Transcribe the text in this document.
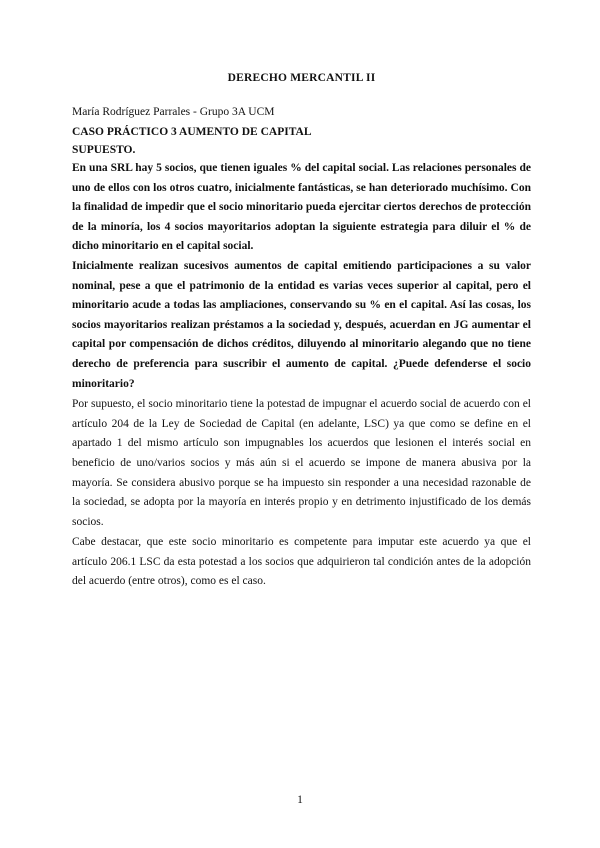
DERECHO MERCANTIL II

María Rodríguez Parrales - Grupo 3A UCM

CASO PRÁCTICO 3 AUMENTO DE CAPITAL

SUPUESTO.

En una SRL hay 5 socios, que tienen iguales % del capital social. Las relaciones personales de uno de ellos con los otros cuatro, inicialmente fantásticas, se han deteriorado muchísimo. Con la finalidad de impedir que el socio minoritario pueda ejercitar ciertos derechos de protección de la minoría, los 4 socios mayoritarios adoptan la siguiente estrategia para diluir el % de dicho minoritario en el capital social.

Inicialmente realizan sucesivos aumentos de capital emitiendo participaciones a su valor nominal, pese a que el patrimonio de la entidad es varias veces superior al capital, pero el minoritario acude a todas las ampliaciones, conservando su % en el capital. Así las cosas, los socios mayoritarios realizan préstamos a la sociedad y, después, acuerdan en JG aumentar el capital por compensación de dichos créditos, diluyendo al minoritario alegando que no tiene derecho de preferencia para suscribir el aumento de capital. ¿Puede defenderse el socio minoritario?

Por supuesto, el socio minoritario tiene la potestad de impugnar el acuerdo social de acuerdo con el artículo 204 de la Ley de Sociedad de Capital (en adelante, LSC) ya que como se define en el apartado 1 del mismo artículo son impugnables los acuerdos que lesionen el interés social en beneficio de uno/varios socios y más aún si el acuerdo se impone de manera abusiva por la mayoría. Se considera abusivo porque se ha impuesto sin responder a una necesidad razonable de la sociedad, se adopta por la mayoría en interés propio y en detrimento injustificado de los demás socios.

Cabe destacar, que este socio minoritario es competente para imputar este acuerdo ya que el artículo 206.1 LSC da esta potestad a los socios que adquirieron tal condición antes de la adopción del acuerdo (entre otros), como es el caso.

1
